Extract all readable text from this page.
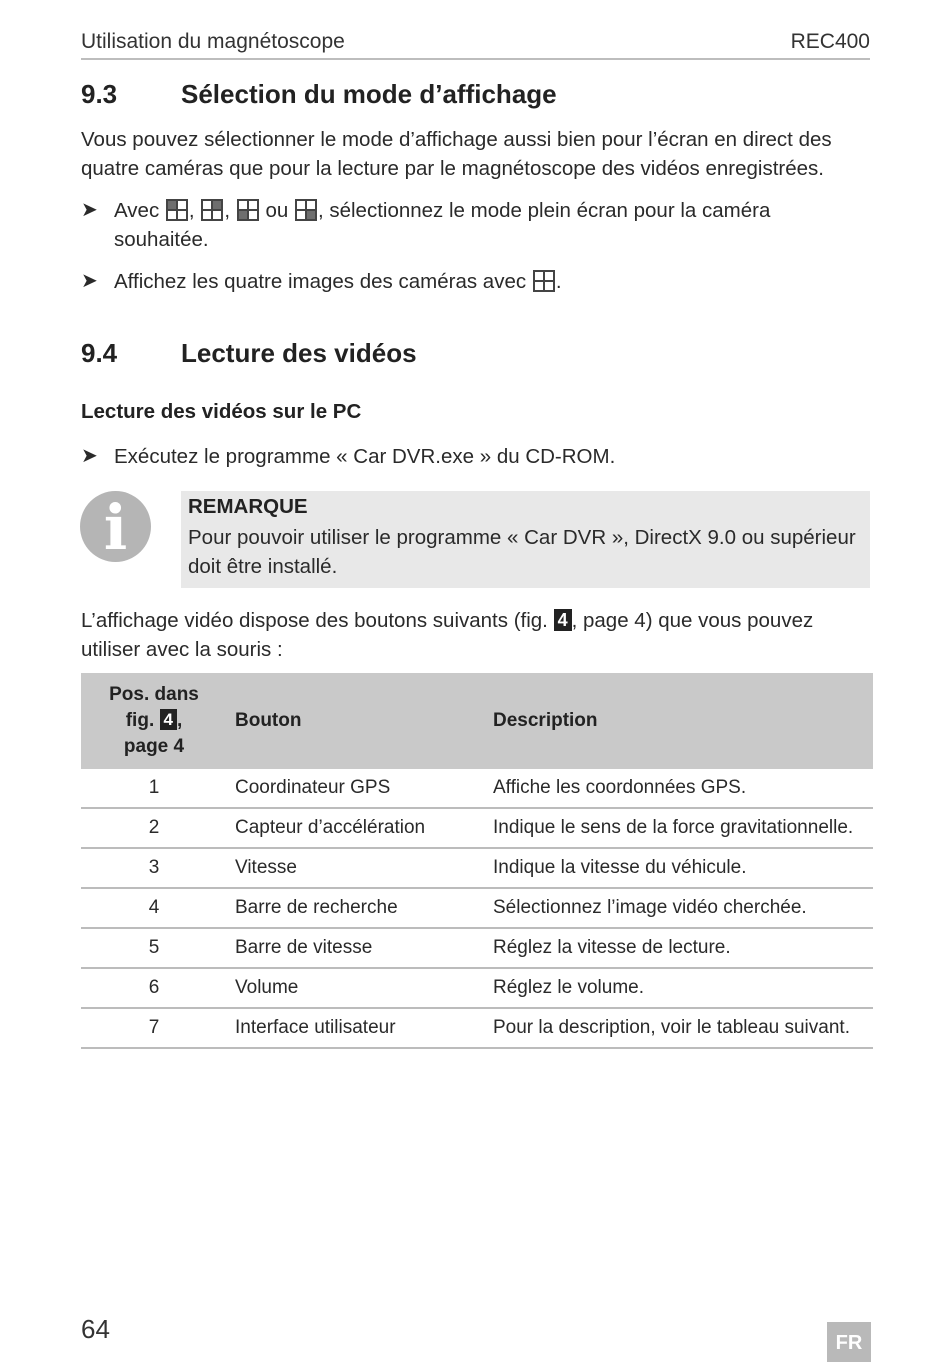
Utilisation du magnétoscope	REC400
9.3 Sélection du mode d’affichage
Vous pouvez sélectionner le mode d’affichage aussi bien pour l’écran en direct des quatre caméras que pour la lecture par le magnétoscope des vidéos enregistrées.
➤ Avec , , ou , sélectionnez le mode plein écran pour la caméra souhaitée.
➤ Affichez les quatre images des caméras avec .
9.4 Lecture des vidéos
Lecture des vidéos sur le PC
➤ Exécutez le programme « Car DVR.exe » du CD-ROM.
i	REMARQUE
Pour pouvoir utiliser le programme « Car DVR », DirectX 9.0 ou supérieur doit être installé.
L’affichage vidéo dispose des boutons suivants (fig. 4 , page 4) que vous pouvez utiliser avec la souris :
Pos. dans
fig. 4 ,
page 4	Bouton	Description
1	Coordinateur GPS	Affiche les coordonnées GPS.
2	Capteur d’accélération	Indique le sens de la force gravitationnelle.
3	Vitesse	Indique la vitesse du véhicule.
4	Barre de recherche	Sélectionnez l’image vidéo cherchée.
5	Barre de vitesse	Réglez la vitesse de lecture.
6	Volume	Réglez le volume.
7	Interface utilisateur	Pour la description, voir le tableau suivant.
64	FR
